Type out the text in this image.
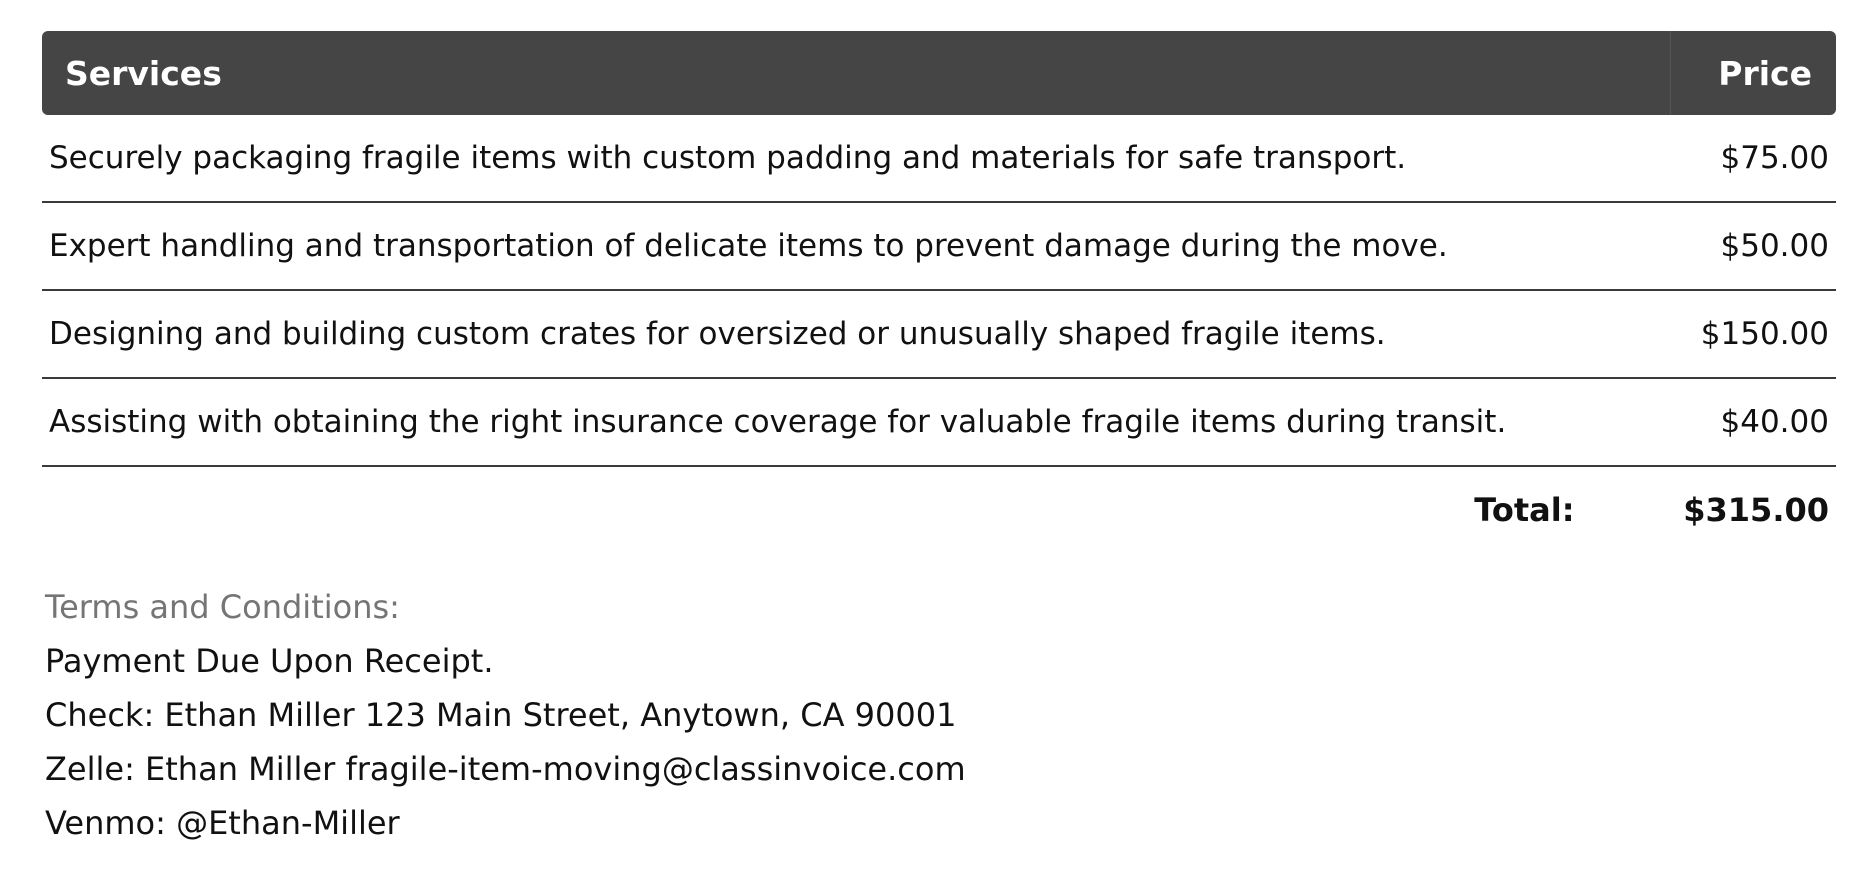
Services	Price
Securely packaging fragile items with custom padding and materials for safe transport.	$75.00
Expert handling and transportation of delicate items to prevent damage during the move.	$50.00
Designing and building custom crates for oversized or unusually shaped fragile items.	$150.00
Assisting with obtaining the right insurance coverage for valuable fragile items during transit.	$40.00
Total:	$315.00
Terms and Conditions:
Payment Due Upon Receipt.
Check: Ethan Miller 123 Main Street, Anytown, CA 90001
Zelle: Ethan Miller fragile-item-moving@classinvoice.com
Venmo: @Ethan-Miller
